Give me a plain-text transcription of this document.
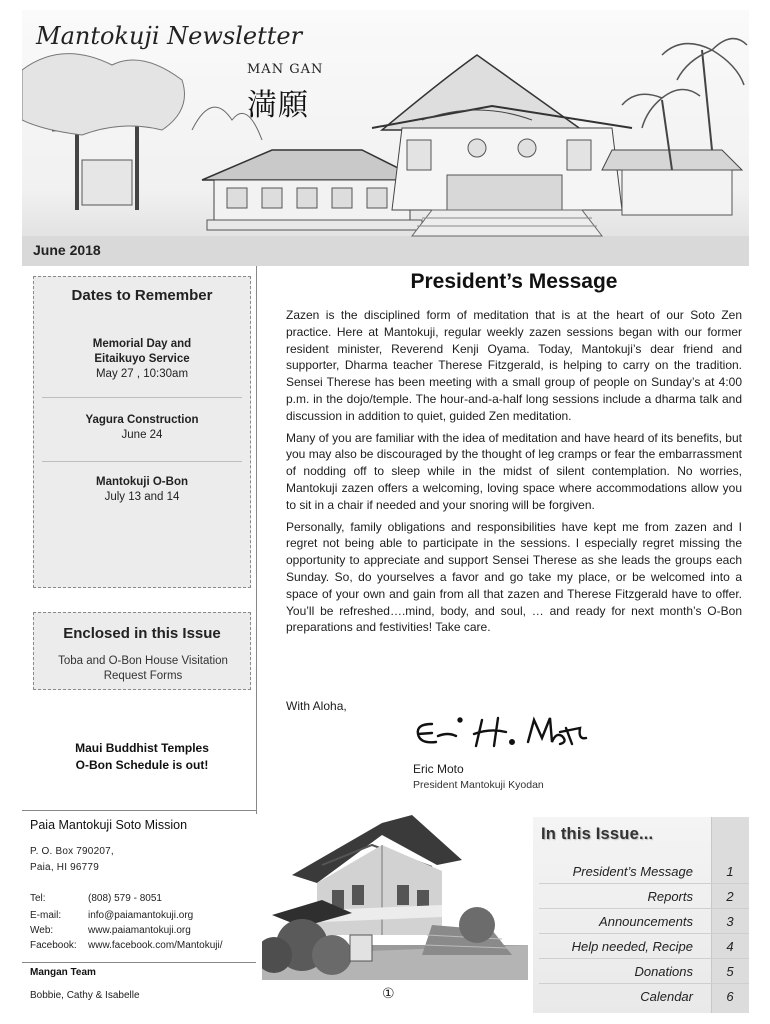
Mantokuji Newsletter
MAN GAN
満願
June 2018
Dates to Remember
Memorial Day and
Eitaikuyo Service
May 27 , 10:30am
Yagura Construction
June 24
Mantokuji O-Bon
July 13 and 14
Enclosed in this Issue
Toba and O-Bon House Visitation
Request Forms
Maui Buddhist Temples
O-Bon Schedule is out!
Paia Mantokuji Soto Mission
P. O. Box 790207,
Paia, HI 96779
Tel:	(808) 579 - 8051
E-mail:	info@paiamantokuji.org
Web:	www.paiamantokuji.org
Facebook: www.facebook.com/Mantokuji/
Mangan Team
Bobbie, Cathy & Isabelle
President’s Message

Zazen is the disciplined form of meditation that is at the heart of our Soto Zen practice. Here at Mantokuji, regular weekly zazen sessions began with our former resident minister, Reverend Kenji Oyama. Today, Mantokuji’s dear friend and supporter, Dharma teacher Therese Fitzgerald, is helping to carry on the tradition. Sensei Therese has been meeting with a small group of people on Sunday’s at 4:00 p.m. in the dojo/temple. The hour-and-a-half long sessions include a dharma talk and discussion in addition to quiet, guided Zen meditation.

Many of you are familiar with the idea of meditation and have heard of its benefits, but you may also be discouraged by the thought of leg cramps or fear the embarrassment of nodding off to sleep while in the midst of silent contemplation. No worries, Mantokuji zazen offers a welcoming, loving space where accommodations allow you to sit in a chair if needed and your snoring will be forgiven.

Personally, family obligations and responsibilities have kept me from zazen and I regret not being able to participate in the sessions. I especially regret missing the opportunity to appreciate and support Sensei Therese as she leads the groups each Sunday. So, do yourselves a favor and go take my place, or be welcomed into a space of your own and gain from all that zazen and Therese Fitzgerald have to offer. You’ll be refreshed….mind, body, and soul, … and ready for next month’s O-Bon preparations and festivities! Take care.

With Aloha,
Eric Moto
President Mantokuji Kyodan
In this Issue...
President’s Message	1
Reports	2
Announcements	3
Help needed, Recipe	4
Donations	5
Calendar	6
①
